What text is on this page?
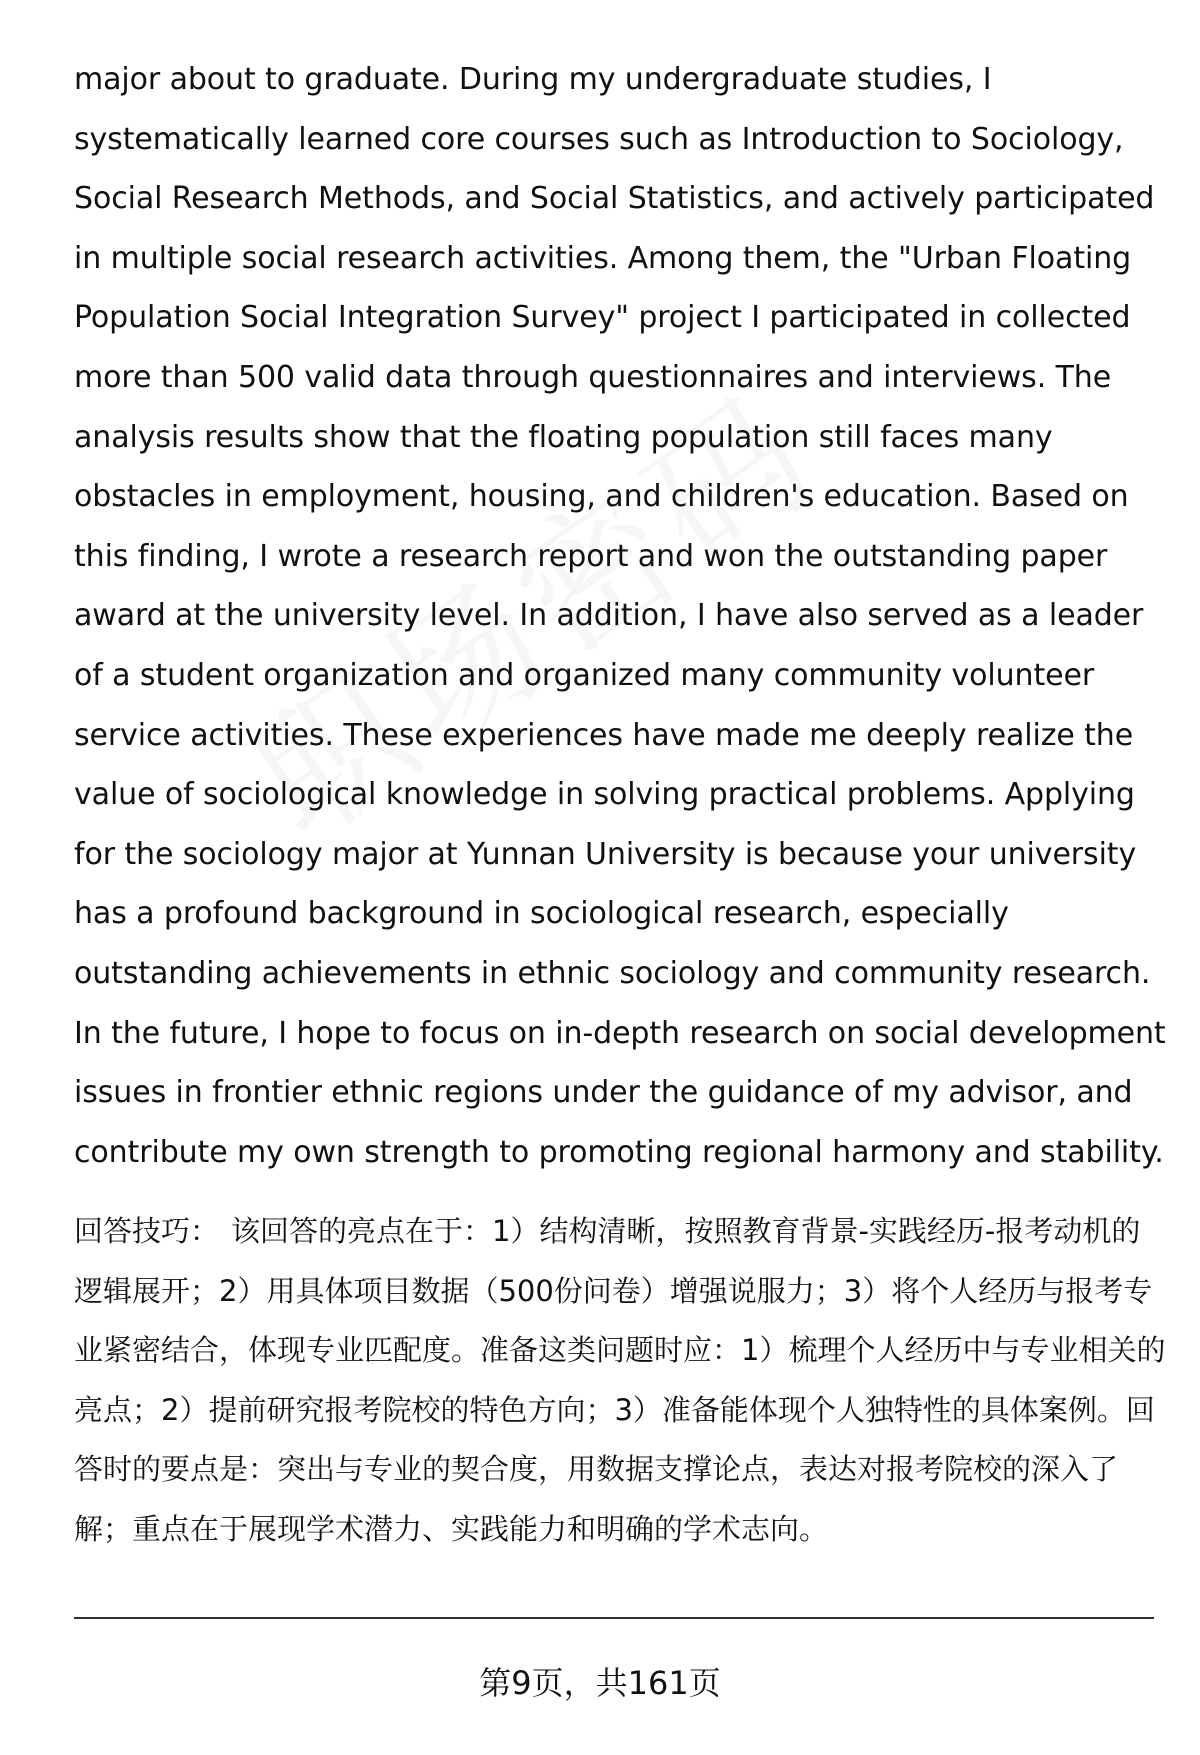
major about to graduate. During my undergraduate studies, I systematically learned core courses such as Introduction to Sociology, Social Research Methods, and Social Statistics, and actively participated in multiple social research activities. Among them, the "Urban Floating Population Social Integration Survey" project I participated in collected more than 500 valid data through questionnaires and interviews. The analysis results show that the floating population still faces many obstacles in employment, housing, and children's education. Based on this finding, I wrote a research report and won the outstanding paper award at the university level. In addition, I have also served as a leader of a student organization and organized many community volunteer service activities. These experiences have made me deeply realize the value of sociological knowledge in solving practical problems. Applying for the sociology major at Yunnan University is because your university has a profound background in sociological research, especially outstanding achievements in ethnic sociology and community research. In the future, I hope to focus on in-depth research on social development issues in frontier ethnic regions under the guidance of my advisor, and contribute my own strength to promoting regional harmony and stability.

回答技巧： 该回答的亮点在于：1）结构清晰，按照教育背景-实践经历-报考动机的逻辑展开；2）用具体项目数据（500份问卷）增强说服力；3）将个人经历与报考专业紧密结合，体现专业匹配度。准备这类问题时应：1）梳理个人经历中与专业相关的亮点；2）提前研究报考院校的特色方向；3）准备能体现个人独特性的具体案例。回答时的要点是：突出与专业的契合度，用数据支撑论点，表达对报考院校的深入了解；重点在于展现学术潜力、实践能力和明确的学术志向。

第9页，共161页
